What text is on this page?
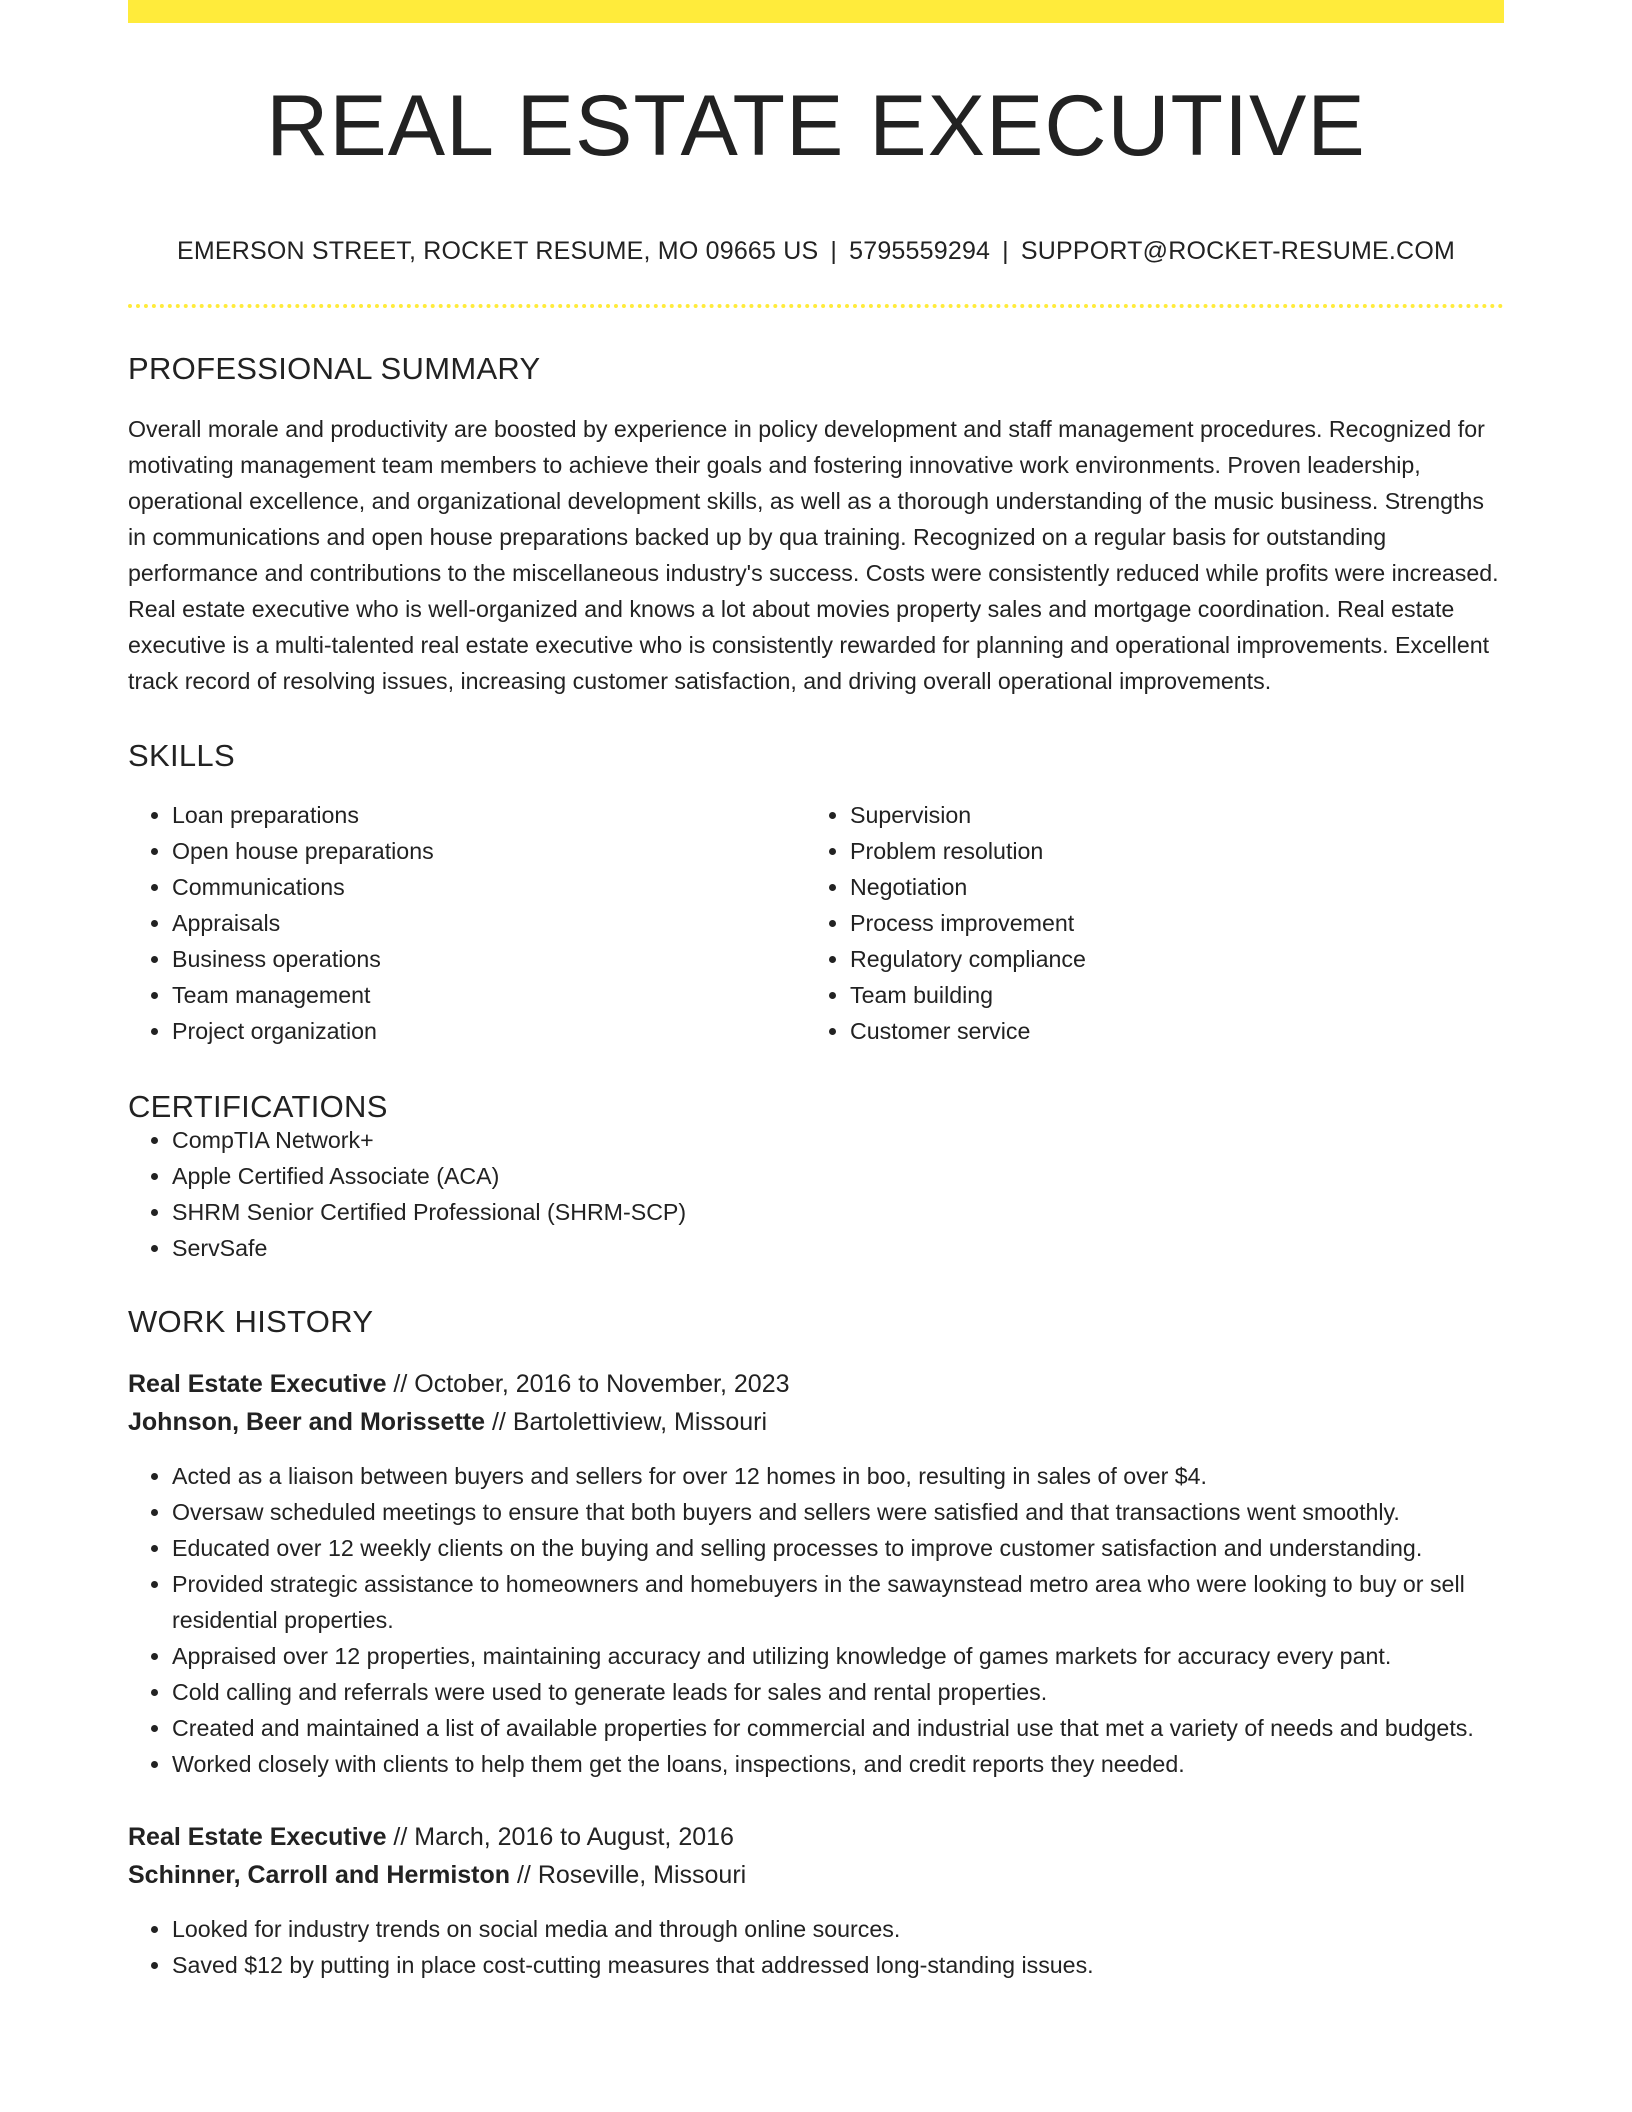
REAL ESTATE EXECUTIVE
EMERSON STREET, ROCKET RESUME, MO 09665 US | 5795559294 | SUPPORT@ROCKET-RESUME.COM
PROFESSIONAL SUMMARY

Overall morale and productivity are boosted by experience in policy development and staff management procedures. Recognized for motivating management team members to achieve their goals and fostering innovative work environments. Proven leadership, operational excellence, and organizational development skills, as well as a thorough understanding of the music business. Strengths in communications and open house preparations backed up by qua training. Recognized on a regular basis for outstanding performance and contributions to the miscellaneous industry's success. Costs were consistently reduced while profits were increased. Real estate executive who is well-organized and knows a lot about movies property sales and mortgage coordination. Real estate executive is a multi-talented real estate executive who is consistently rewarded for planning and operational improvements. Excellent track record of resolving issues, increasing customer satisfaction, and driving overall operational improvements.

SKILLS
• Loan preparations
• Open house preparations
• Communications
• Appraisals
• Business operations
• Team management
• Project organization
• Supervision
• Problem resolution
• Negotiation
• Process improvement
• Regulatory compliance
• Team building
• Customer service
CERTIFICATIONS
• CompTIA Network+
• Apple Certified Associate (ACA)
• SHRM Senior Certified Professional (SHRM-SCP)
• ServSafe
WORK HISTORY
Real Estate Executive // October, 2016 to November, 2023
Johnson, Beer and Morissette // Bartolettiview, Missouri
• Acted as a liaison between buyers and sellers for over 12 homes in boo, resulting in sales of over $4.
• Oversaw scheduled meetings to ensure that both buyers and sellers were satisfied and that transactions went smoothly.
• Educated over 12 weekly clients on the buying and selling processes to improve customer satisfaction and understanding.
• Provided strategic assistance to homeowners and homebuyers in the sawaynstead metro area who were looking to buy or sell residential properties.
• Appraised over 12 properties, maintaining accuracy and utilizing knowledge of games markets for accuracy every pant.
• Cold calling and referrals were used to generate leads for sales and rental properties.
• Created and maintained a list of available properties for commercial and industrial use that met a variety of needs and budgets.
• Worked closely with clients to help them get the loans, inspections, and credit reports they needed.
Real Estate Executive // March, 2016 to August, 2016
Schinner, Carroll and Hermiston // Roseville, Missouri
• Looked for industry trends on social media and through online sources.
• Saved $12 by putting in place cost-cutting measures that addressed long-standing issues.
